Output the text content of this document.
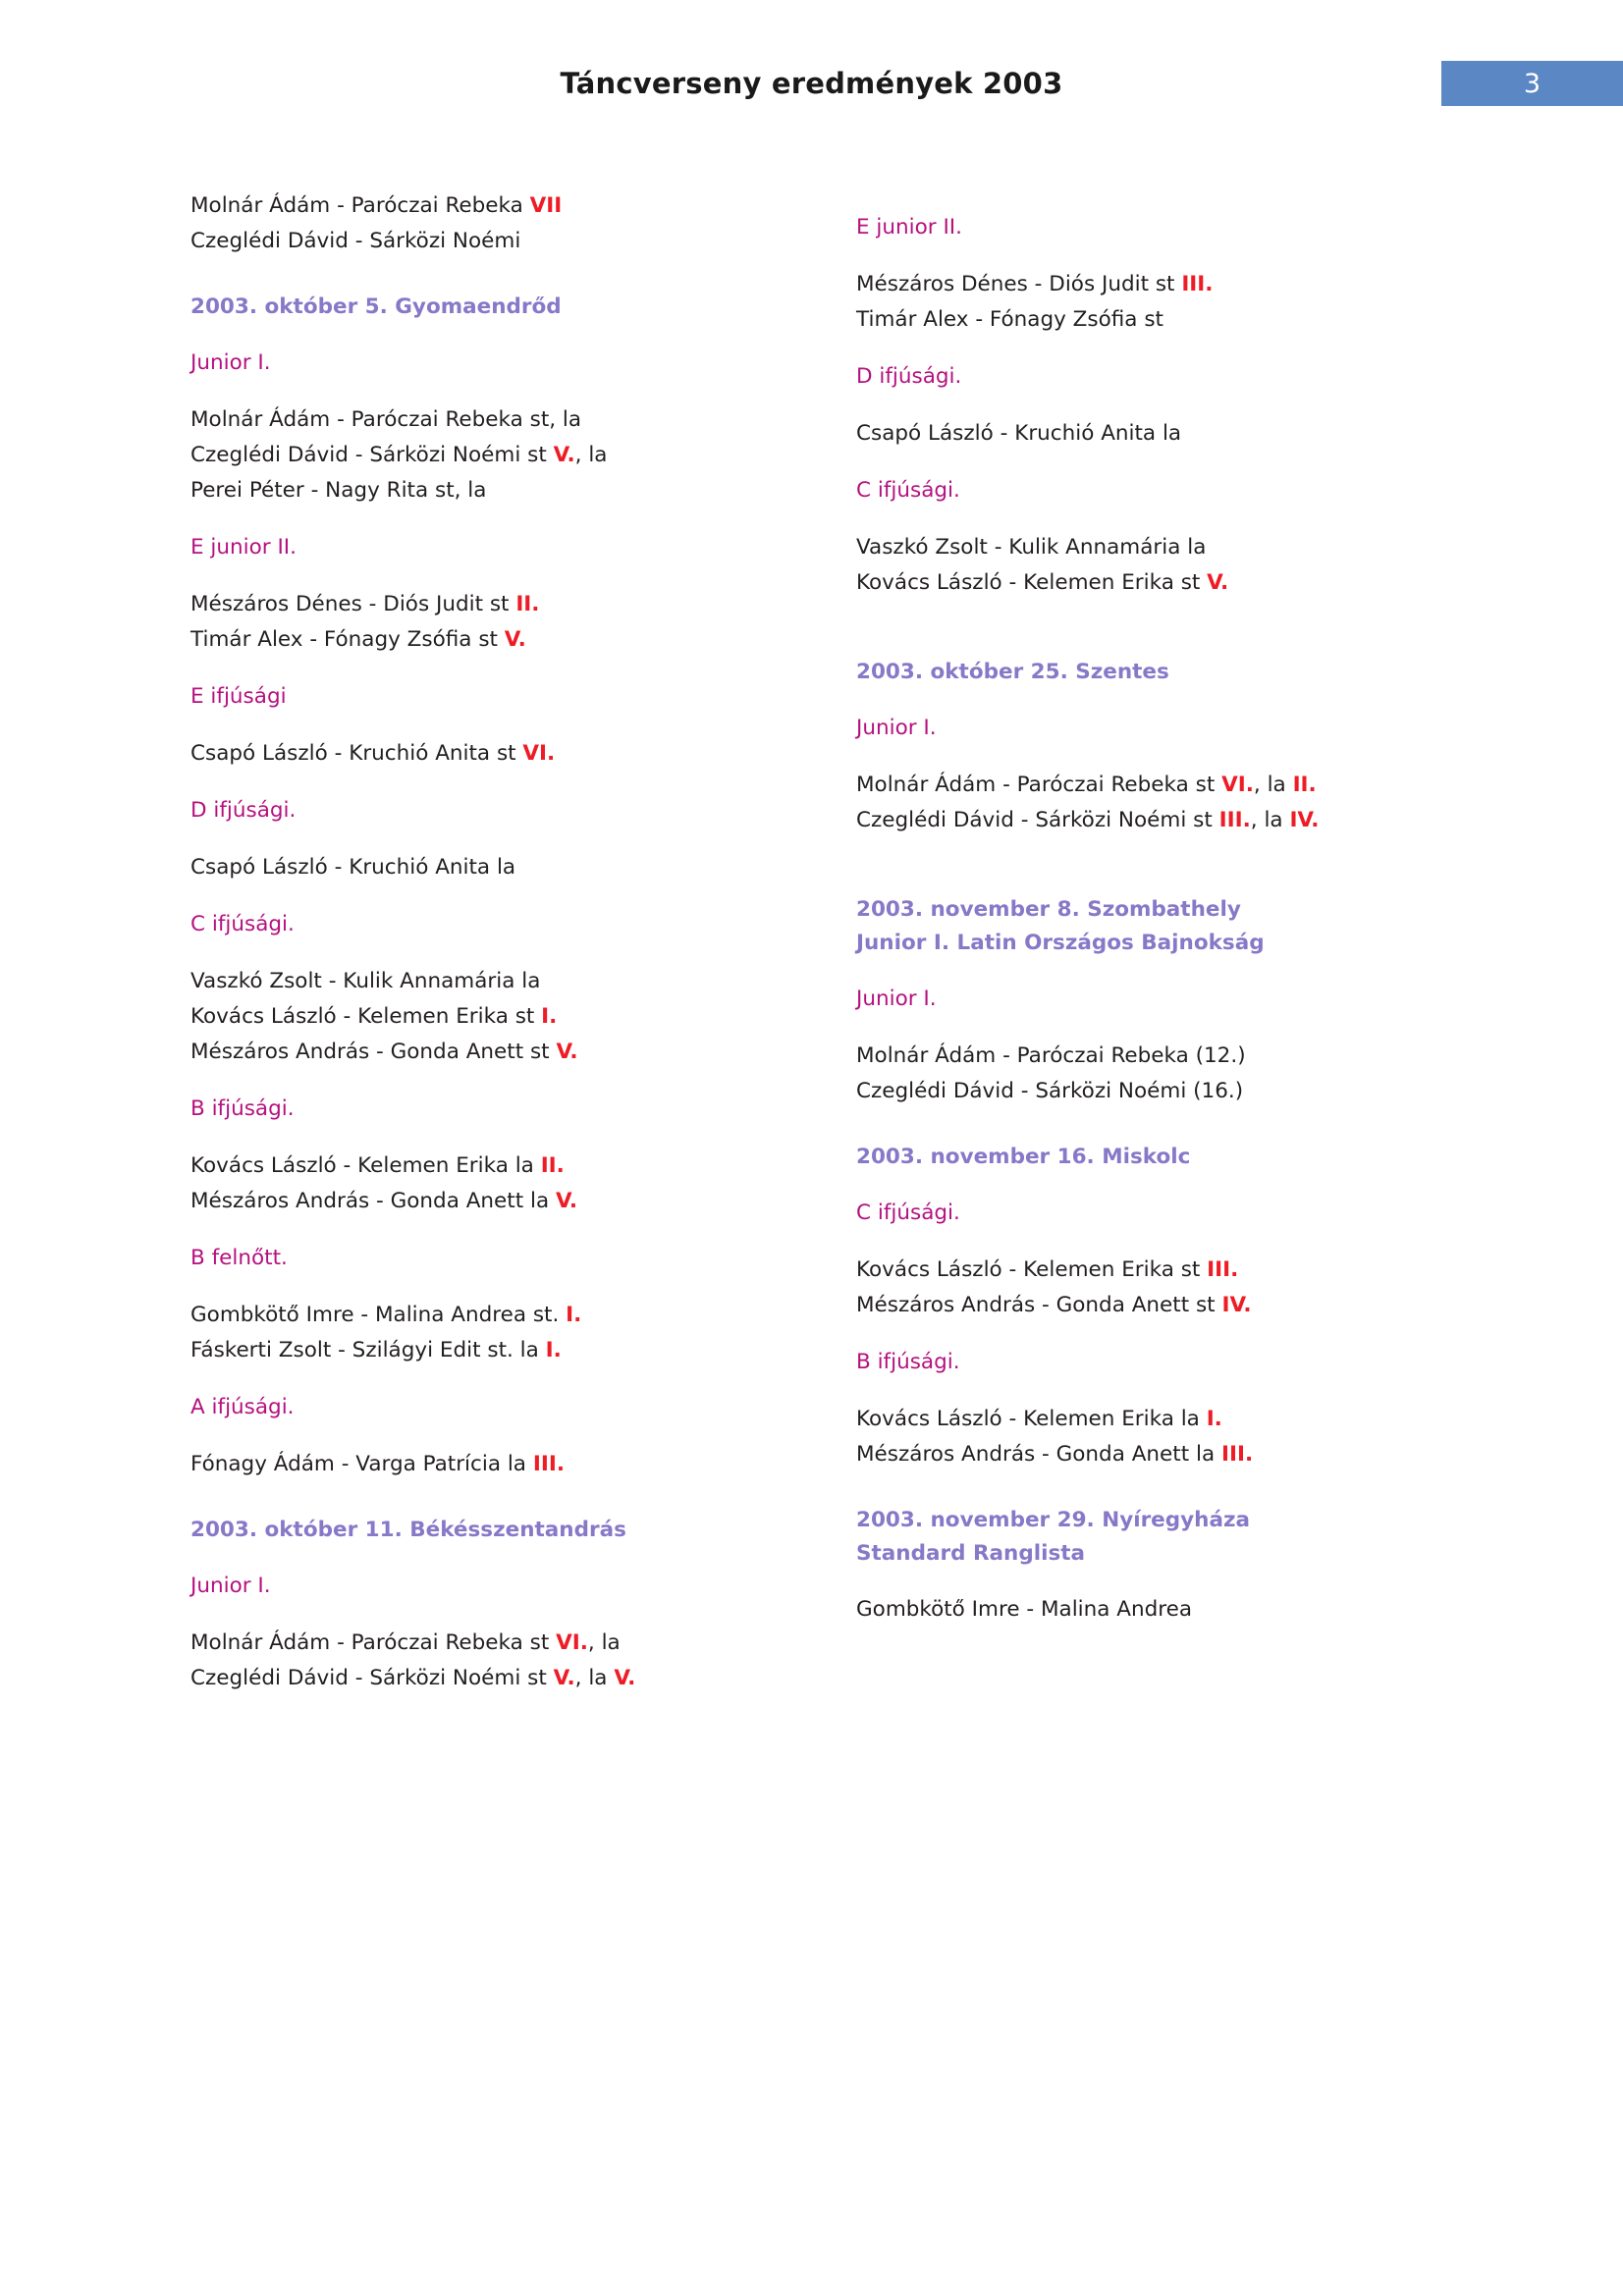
Táncverseny eredmények 2003	3
Molnár Ádám - Paróczai Rebeka VII
Czeglédi Dávid - Sárközi Noémi
2003. október 5. Gyomaendrőd
Junior I.
Molnár Ádám - Paróczai Rebeka st, la
Czeglédi Dávid - Sárközi Noémi st V., la
Perei Péter - Nagy Rita st, la
E junior II.
Mészáros Dénes - Diós Judit st II.
Timár Alex - Fónagy Zsófia st V.
E ifjúsági
Csapó László - Kruchió Anita st VI.
D ifjúsági.
Csapó László - Kruchió Anita la
C ifjúsági.
Vaszkó Zsolt - Kulik Annamária la
Kovács László - Kelemen Erika st I.
Mészáros András - Gonda Anett st V.
B ifjúsági.
Kovács László - Kelemen Erika la II.
Mészáros András - Gonda Anett la V.
B felnőtt.
Gombkötő Imre - Malina Andrea st. I.
Fáskerti Zsolt - Szilágyi Edit st. la I.
A ifjúsági.
Fónagy Ádám - Varga Patrícia la III.
2003. október 11. Békésszentandrás
Junior I.
Molnár Ádám - Paróczai Rebeka st VI., la
Czeglédi Dávid - Sárközi Noémi st V., la V.
E junior II.
Mészáros Dénes - Diós Judit st III.
Timár Alex - Fónagy Zsófia st
D ifjúsági.
Csapó László - Kruchió Anita la
C ifjúsági.
Vaszkó Zsolt - Kulik Annamária la
Kovács László - Kelemen Erika st V.
2003. október 25. Szentes
Junior I.
Molnár Ádám - Paróczai Rebeka st VI., la II.
Czeglédi Dávid - Sárközi Noémi st III., la IV.
2003. november 8. Szombathely
Junior I. Latin Országos Bajnokság
Junior I.
Molnár Ádám - Paróczai Rebeka (12.)
Czeglédi Dávid - Sárközi Noémi (16.)
2003. november 16. Miskolc
C ifjúsági.
Kovács László - Kelemen Erika st III.
Mészáros András - Gonda Anett st IV.
B ifjúsági.
Kovács László - Kelemen Erika la I.
Mészáros András - Gonda Anett la III.
2003. november 29. Nyíregyháza
Standard Ranglista
Gombkötő Imre - Malina Andrea
